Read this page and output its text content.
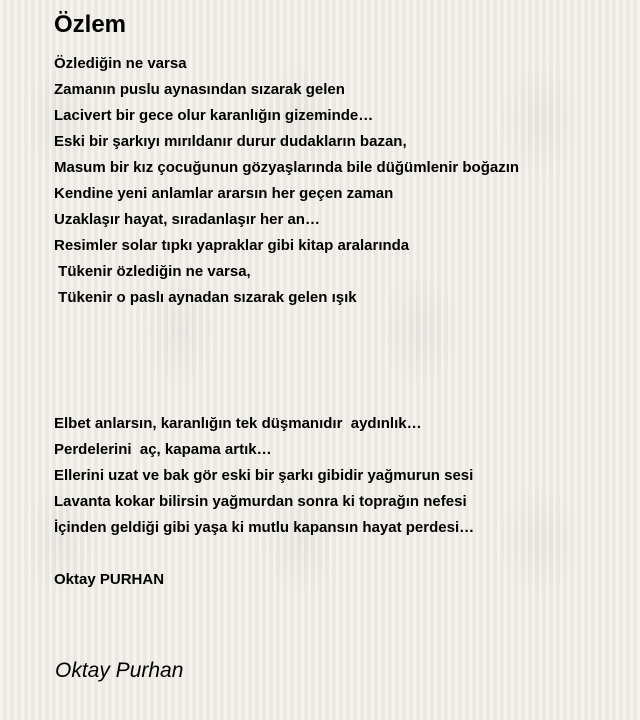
Özlem
Özlediğin ne varsa
Zamanın puslu aynasından sızarak gelen
Lacivert bir gece olur karanlığın gizeminde…
Eski bir şarkıyı mırıldanır durur dudakların bazan,
Masum bir kız çocuğunun gözyaşlarında bile düğümlenir boğazın
Kendine yeni anlamlar ararsın her geçen zaman
Uzaklaşır hayat, sıradanlaşır her an…
Resimler solar tıpkı yapraklar gibi kitap aralarında
Tükenir özlediğin ne varsa,
Tükenir o paslı aynadan sızarak gelen ışık
Elbet anlarsın, karanlığın tek düşmanıdır  aydınlık…
Perdelerini  aç, kapama artık…
Ellerini uzat ve bak gör eski bir şarkı gibidir yağmurun sesi
Lavanta kokar bilirsin yağmurdan sonra ki toprağın nefesi
İçinden geldiği gibi yaşa ki mutlu kapansın hayat perdesi…
Oktay PURHAN
Oktay Purhan
